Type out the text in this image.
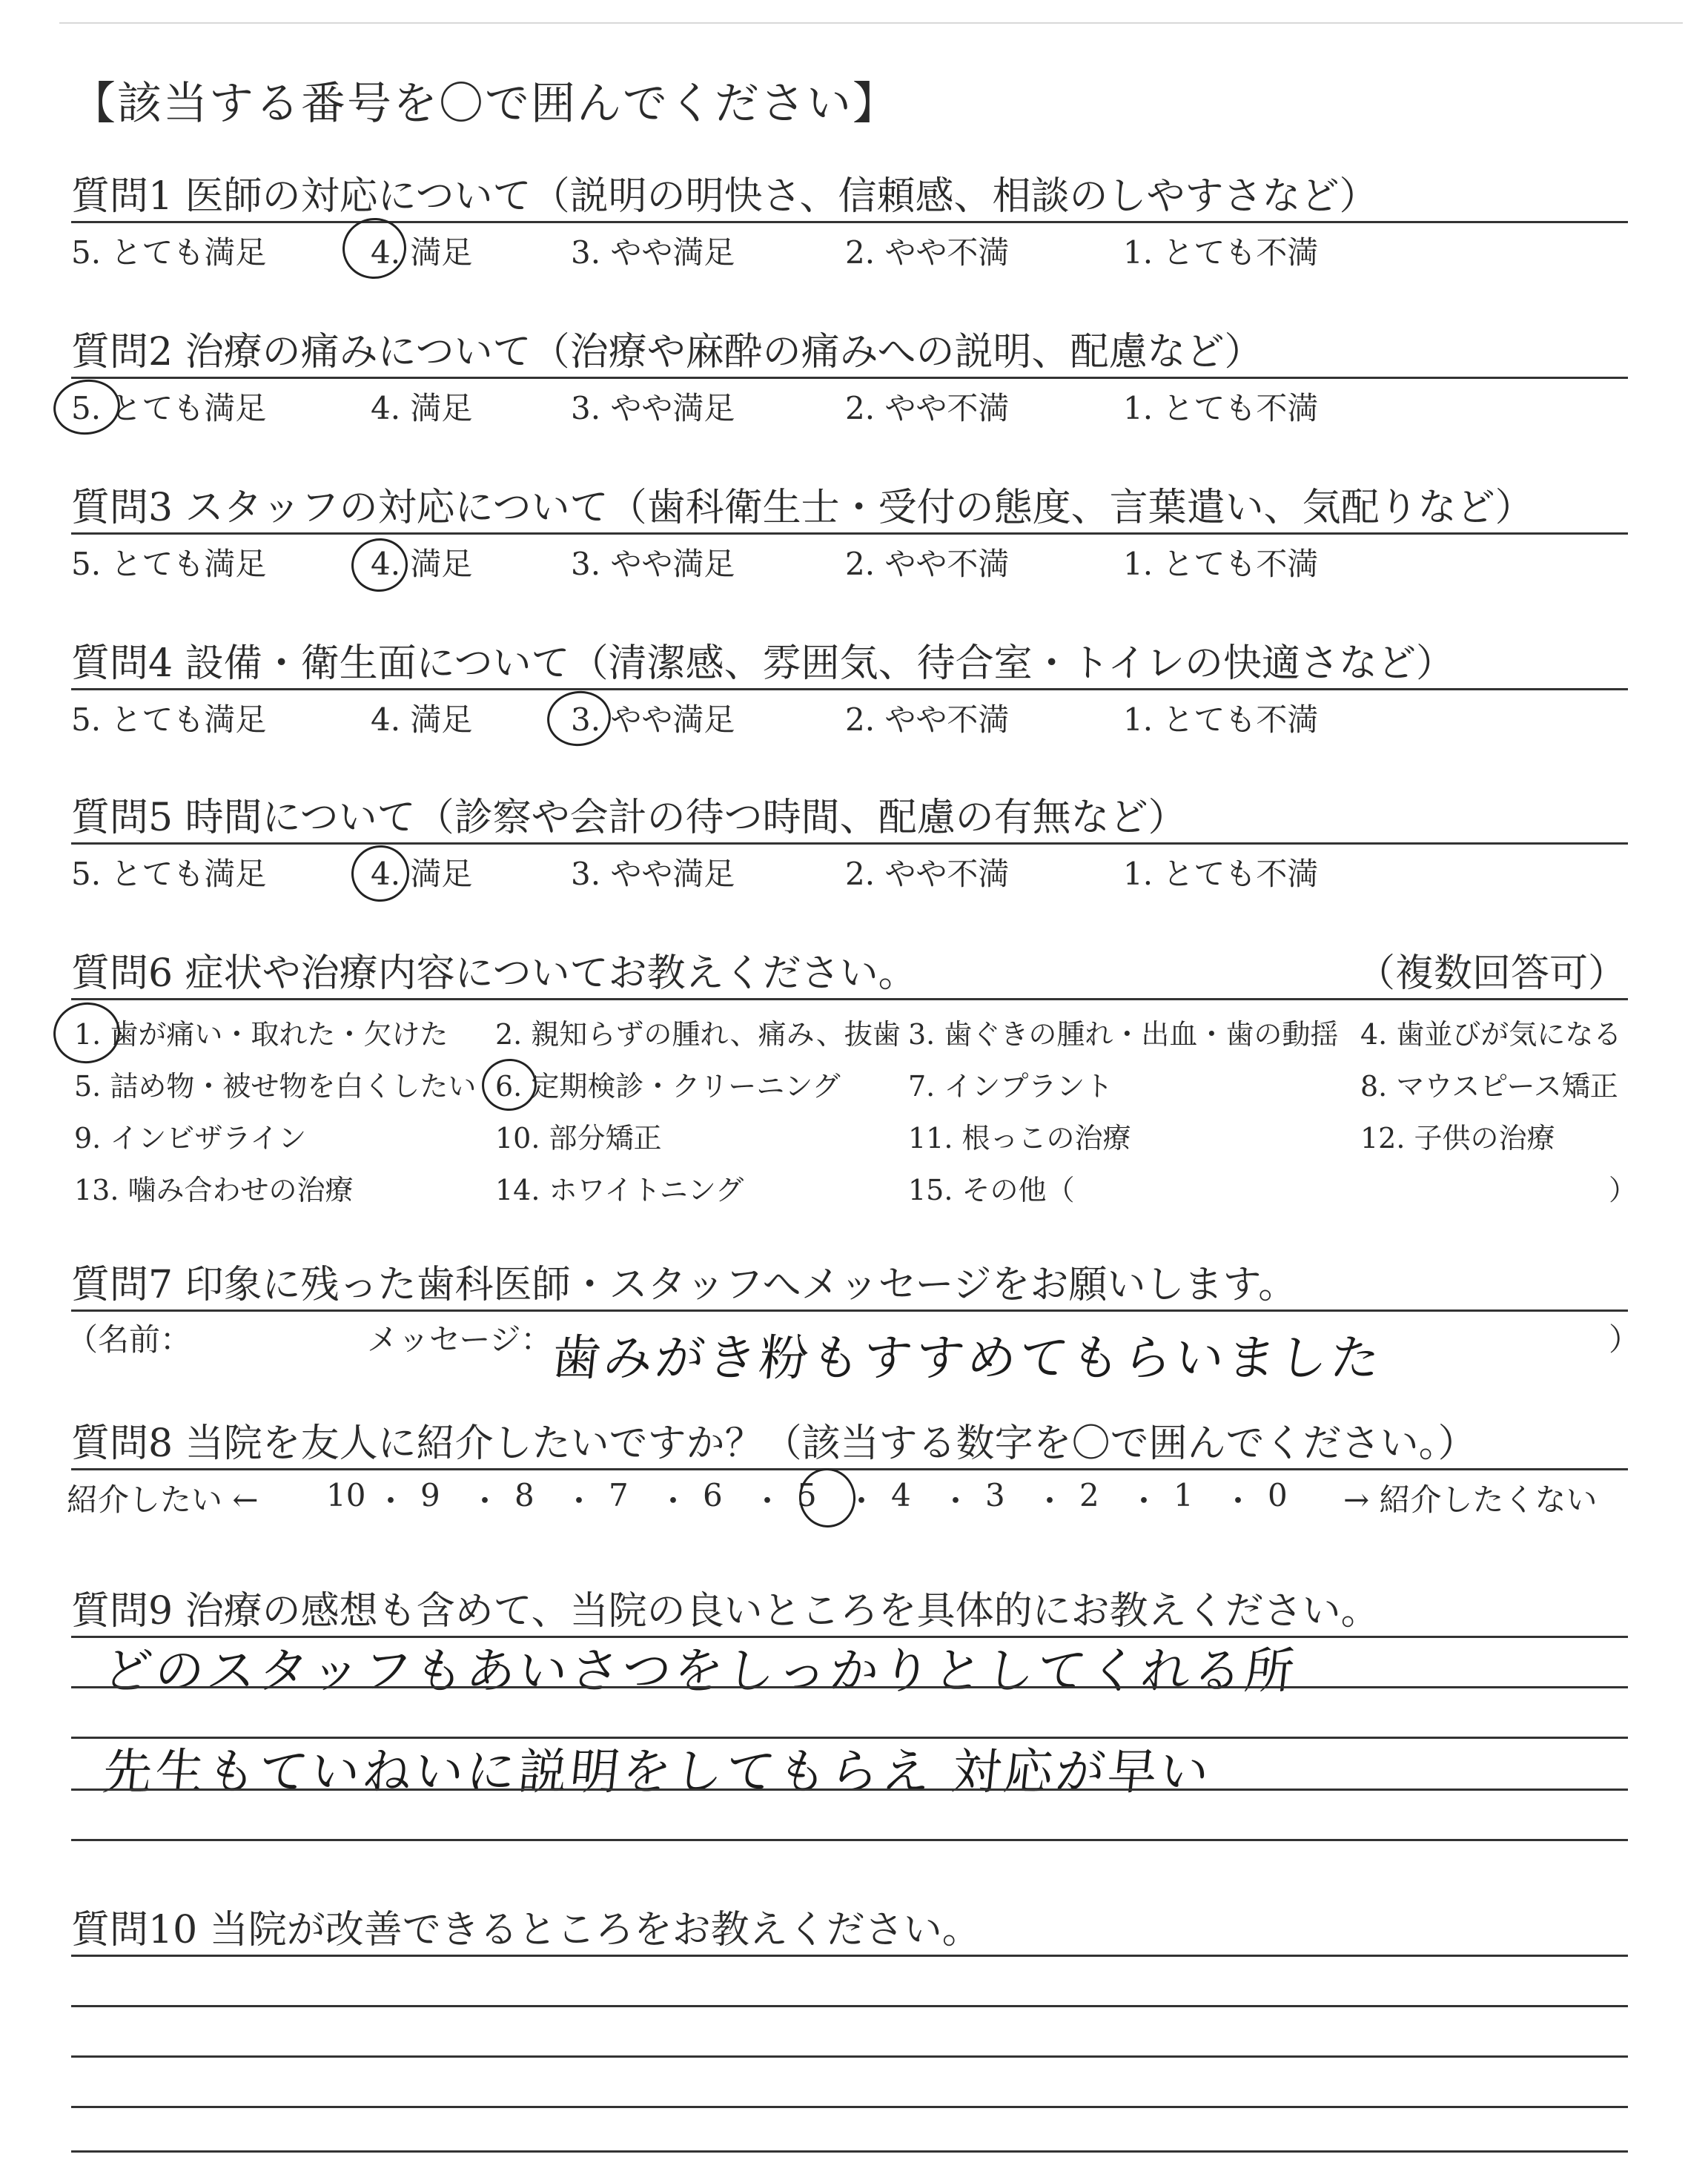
【該当する番号を〇で囲んでください】
質問1 医師の対応について（説明の明快さ、信頼感、相談のしやすさなど）
5. とても満足	4. 満足	3. やや満足	2. やや不満	1. とても不満
質問2 治療の痛みについて（治療や麻酔の痛みへの説明、配慮など）
5. とても満足	4. 満足	3. やや満足	2. やや不満	1. とても不満
質問3 スタッフの対応について（歯科衛生士・受付の態度、言葉遣い、気配りなど）
5. とても満足	4. 満足	3. やや満足	2. やや不満	1. とても不満
質問4 設備・衛生面について（清潔感、雰囲気、待合室・トイレの快適さなど）
5. とても満足	4. 満足	3. やや満足	2. やや不満	1. とても不満
質問5 時間について（診察や会計の待つ時間、配慮の有無など）
5. とても満足	4. 満足	3. やや満足	2. やや不満	1. とても不満
質問6 症状や治療内容についてお教えください。	（複数回答可）
1. 歯が痛い・取れた・欠けた 2. 親知らずの腫れ、痛み、抜歯 3. 歯ぐきの腫れ・出血・歯の動揺 4. 歯並びが気になる
5. 詰め物・被せ物を白くしたい 6. 定期検診・クリーニング 7. インプラント	8. マウスピース矯正
9. インビザライン	10. 部分矯正	11. 根っこの治療	12. 子供の治療
13. 噛み合わせの治療	14. ホワイトニング	15. その他（	）
質問7 印象に残った歯科医師・スタッフへメッセージをお願いします。
（名前：	メッセージ：
歯みがき粉もすすめてもらいました	）
質問8 当院を友人に紹介したいですか？（該当する数字を〇で囲んでください。）
紹介したい ← 10 ・ 9 ・ 8 ・ 7 ・ 6 ・ 5 ・ 4 ・ 3 ・ 2 ・ 1 ・ 0 → 紹介したくない
質問9 治療の感想も含めて、当院の良いところを具体的にお教えください。
どのスタッフもあいさつをしっかりとしてくれる所
先生もていねいに説明をしてもらえ 対応が早い
質問10 当院が改善できるところをお教えください。
